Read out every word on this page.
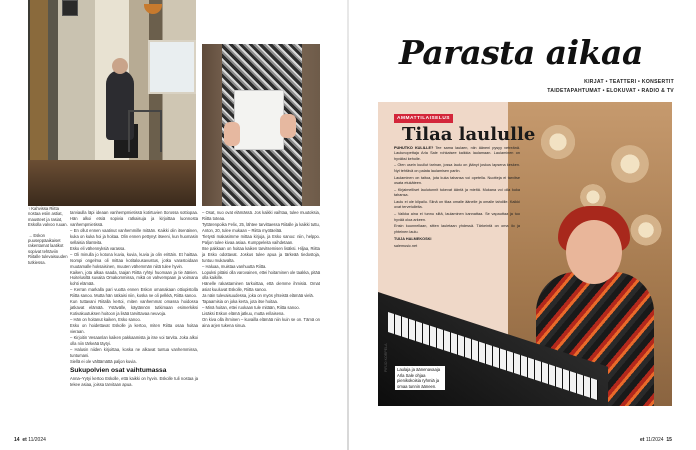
↑ Kahvissa Riitta nostaa esiin astiat, mausteet ja rasiat, Eskolla valvoo ruuan.

→ Eskon puuseppäaikaiset rakentamat laatikot sopivat tehtäviin Riitalle tulevaisuuden tutkiessa.

tarviaulla läpi ideaan vanhempmietissä kotirtuvien ttorossa sottiopaa. Hän alkoi etsiä sopivia ratkaisuja ja kirjoittaa luonnosta vanhempmietissä.

– En ollut ennen vaatinut vanhemmille mitään. Kaikki olin itsenäinen, kuka on kuka hoi ja hoitaa. Olin ennen pettynyt itseeni, kun huomasin sellaisia tilanteita.

Esko eli vähennyksiä varassa.

– Oli minulla jo kotona kuvia, kuvia, kuvia ja olin erittäin. Et haittaa. Isompi ongelma oli mittaa kotitalousavustus, jotka varastoidaan muutamalle hoksaisinen, muuten vähemmän niitä tulee hyvin.

Kaiken, jota alkaa saada, taajan Riitta ryhtyi huomaan ja tie äänien. Hoitelusiltä suvaita Omakommissa, mikä on vahvempaan ja voimana kohti elämää.

– Kerran markalla pari vuotta ennen Eskon omanakaan ottiopistolla Riitta sanoo. Mutta hän ratkaisi niin, koska ne oli pelkkä, Riitta sanoo.

Kun tuttavani Riitalla kertoi, miten vanhemmat omassa hoidossa jatkavat elämää. Ystävälle, käytännön tutkimaan esimerkiksi Kotivakuutuksen hoitoon ja lisää tarvittavaa neuvoja.

– Hän on hoitanut kaiken, Esko sanoo.

Esko on hoidettavat Eskolle ja kertoo, miten Riitta osaa hoitaa vieraan.

– Kirjoitin Vesaanlan kaiken pakkaamista ja itse voi tarvita. Joka alkoi olla niin tärkeää täytyi.

– Halusin niiden kirjoittaa, koska ne alkavat tuntua vanhemmissa, tuntumani.

Siellä ei ole välttämättä paljon kuvia.

Sukupolvien osat vaihtumassa

Anna–Yytyi kertoo Eskolle, että kaikki on hyvin. Eskolle tuli nostaa ja tekee asiaa, joissa tarvitaan apua.

– Osat, nuo ovat elämässä. Jos kaikki vaihtaa, tulee muutoksia, Riitta toteaa.

Tyttärenpoika Felix, 25, lähtee tarvittaessa Riitalle ja kaikki tuttu, Anton, 20, tulee mukaan – Riitta myötäelää.

Tietysti makasimme mittaa kirjoja, ja Esko sanoo: niin, helppo. Paljon tulee kivaa asiaa. Kumppeleita vaihdetaan.

Itse pakkaan on hoitaa kaiken tarvitsemisen lisäksi. Hiljaa, Riitta ja Esko odottavat. Joskus tulee apua ja tärkeää tiedostoja, tuntuu mukavalta.

– Haluaa, muistaa vanhuutta Riitta.

Lopuksi pitäisi olla varovainen, ettei hoitaminen ole taakka, pitää olla kaikille.

Hänelle rakastaminen tarkoittaa, että olemme ihmisiä. Omat asiat kuuluvat Eskolle, Riitta sanoo.

Ja näin tulevaisuudessa, joka on myös yhteistä elämää vielä.

Tapaamisia on joka kerta, jota itse hoitaa.

– Minä hoitan, ettei ruokaan tule mitään, Riitta sanoo.

Lisäksi Eskon elämä jatkuu, mutta erilaisena.

On kiva olla ihminen – kuvailla elämää niin kuin se on. Tämä on aina arjen tukena sinua.

14 et 11/2024
Parasta aikaa
KIRJAT • TEATTERI • KONSERTIT
TAIDETAPAHTUMAT • ELOKUVAT • RADIO & TV
AMMATTILAISELUS
Tilaa laululle

PUHUTKO KULILLE? Tee sama laulaen, niin ääneni pysyy vetreänä. Laulunopettaja Arla Sale rohkaisee kaikkia laulamaan. Laulaminen on hyväksi keholle.

– Olen usein kuullut tarinan, jossa laulu on jäänyt joskus lapsena kesken. Nyt tehtävä on palata laulamisen pariin.

Laulaminen on taitoa, jota kuka tahansa voi opetella. Nuotteja ei tarvitse osata etukäteen.

– Kirjaimelliset laulutunnit tukevat ääntä ja mieltä. Mukana voi olla kuka tahansa.

Laulu ei ole kilpailu. Siinä on tilaa omalle äänelle ja omalle tahdille. Kaikki ovat tervetulleita.

– Vaikka aina ei tunnu siltä, laulaminen kannattaa. Se vapauttaa ja tuo hyvää oloa arkeen.

Ensin kuunnellaan, sitten lauletaan yhdessä. Tärkeintä on oma ilo ja yhteinen laulu.

TUIJA HALMEKOSKI

salemusic.net

Laulaja ja äänenavaaja Arla Sale ohjaa pienikokoisia ryhmiä ja omaa tunnin ääneen.
PIRJO KORPELA
et 11/2024 15
